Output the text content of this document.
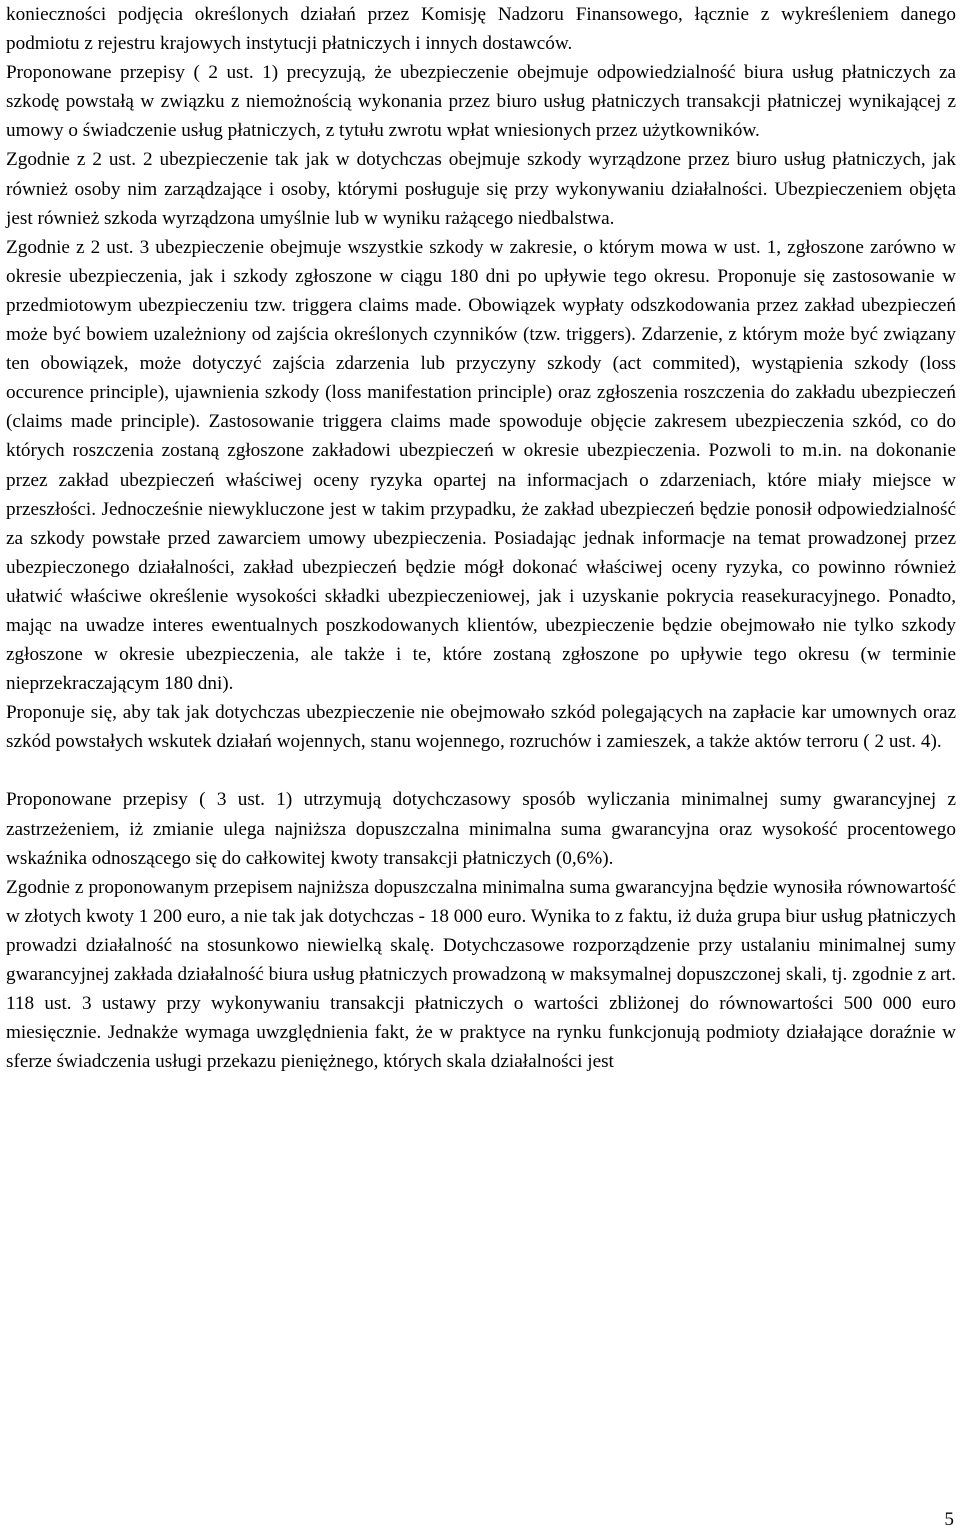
konieczności podjęcia określonych działań przez Komisję Nadzoru Finansowego, łącznie z wykreśleniem danego podmiotu z rejestru krajowych instytucji płatniczych i innych dostawców.

Proponowane przepisy ( 2 ust. 1) precyzują, że ubezpieczenie obejmuje odpowiedzialność biura usług płatniczych za szkodę powstałą w związku z niemożnością wykonania przez biuro usług płatniczych transakcji płatniczej wynikającej z umowy o świadczenie usług płatniczych, z tytułu zwrotu wpłat wniesionych przez użytkowników.

Zgodnie z 2 ust. 2 ubezpieczenie tak jak w dotychczas obejmuje szkody wyrządzone przez biuro usług płatniczych, jak również osoby nim zarządzające i osoby, którymi posługuje się przy wykonywaniu działalności. Ubezpieczeniem objęta jest również szkoda wyrządzona umyślnie lub w wyniku rażącego niedbalstwa.

Zgodnie z 2 ust. 3 ubezpieczenie obejmuje wszystkie szkody w zakresie, o którym mowa w ust. 1, zgłoszone zarówno w okresie ubezpieczenia, jak i szkody zgłoszone w ciągu 180 dni po upływie tego okresu. Proponuje się zastosowanie w przedmiotowym ubezpieczeniu tzw. triggera claims made. Obowiązek wypłaty odszkodowania przez zakład ubezpieczeń może być bowiem uzależniony od zajścia określonych czynników (tzw. triggers). Zdarzenie, z którym może być związany ten obowiązek, może dotyczyć zajścia zdarzenia lub przyczyny szkody (act commited), wystąpienia szkody (loss occurence principle), ujawnienia szkody (loss manifestation principle) oraz zgłoszenia roszczenia do zakładu ubezpieczeń (claims made principle). Zastosowanie triggera claims made spowoduje objęcie zakresem ubezpieczenia szkód, co do których roszczenia zostaną zgłoszone zakładowi ubezpieczeń w okresie ubezpieczenia. Pozwoli to m.in. na dokonanie przez zakład ubezpieczeń właściwej oceny ryzyka opartej na informacjach o zdarzeniach, które miały miejsce w przeszłości. Jednocześnie niewykluczone jest w takim przypadku, że zakład ubezpieczeń będzie ponosił odpowiedzialność za szkody powstałe przed zawarciem umowy ubezpieczenia. Posiadając jednak informacje na temat prowadzonej przez ubezpieczonego działalności, zakład ubezpieczeń będzie mógł dokonać właściwej oceny ryzyka, co powinno również ułatwić właściwe określenie wysokości składki ubezpieczeniowej, jak i uzyskanie pokrycia reasekuracyjnego. Ponadto, mając na uwadze interes ewentualnych poszkodowanych klientów, ubezpieczenie będzie obejmowało nie tylko szkody zgłoszone w okresie ubezpieczenia, ale także i te, które zostaną zgłoszone po upływie tego okresu (w terminie nieprzekraczającym 180 dni).

Proponuje się, aby tak jak dotychczas ubezpieczenie nie obejmowało szkód polegających na zapłacie kar umownych oraz szkód powstałych wskutek działań wojennych, stanu wojennego, rozruchów i zamieszek, a także aktów terroru ( 2 ust. 4).

Proponowane przepisy ( 3 ust. 1) utrzymują dotychczasowy sposób wyliczania minimalnej sumy gwarancyjnej z zastrzeżeniem, iż zmianie ulega najniższa dopuszczalna minimalna suma gwarancyjna oraz wysokość procentowego wskaźnika odnoszącego się do całkowitej kwoty transakcji płatniczych (0,6%).

Zgodnie z proponowanym przepisem najniższa dopuszczalna minimalna suma gwarancyjna będzie wynosiła równowartość w złotych kwoty 1 200 euro, a nie tak jak dotychczas - 18 000 euro. Wynika to z faktu, iż duża grupa biur usług płatniczych prowadzi działalność na stosunkowo niewielką skalę. Dotychczasowe rozporządzenie przy ustalaniu minimalnej sumy gwarancyjnej zakłada działalność biura usług płatniczych prowadzoną w maksymalnej dopuszczonej skali, tj. zgodnie z art. 118 ust. 3 ustawy przy wykonywaniu transakcji płatniczych o wartości zbliżonej do równowartości 500 000 euro miesięcznie. Jednakże wymaga uwzględnienia fakt, że w praktyce na rynku funkcjonują podmioty działające doraźnie w sferze świadczenia usługi przekazu pieniężnego, których skala działalności jest

5
